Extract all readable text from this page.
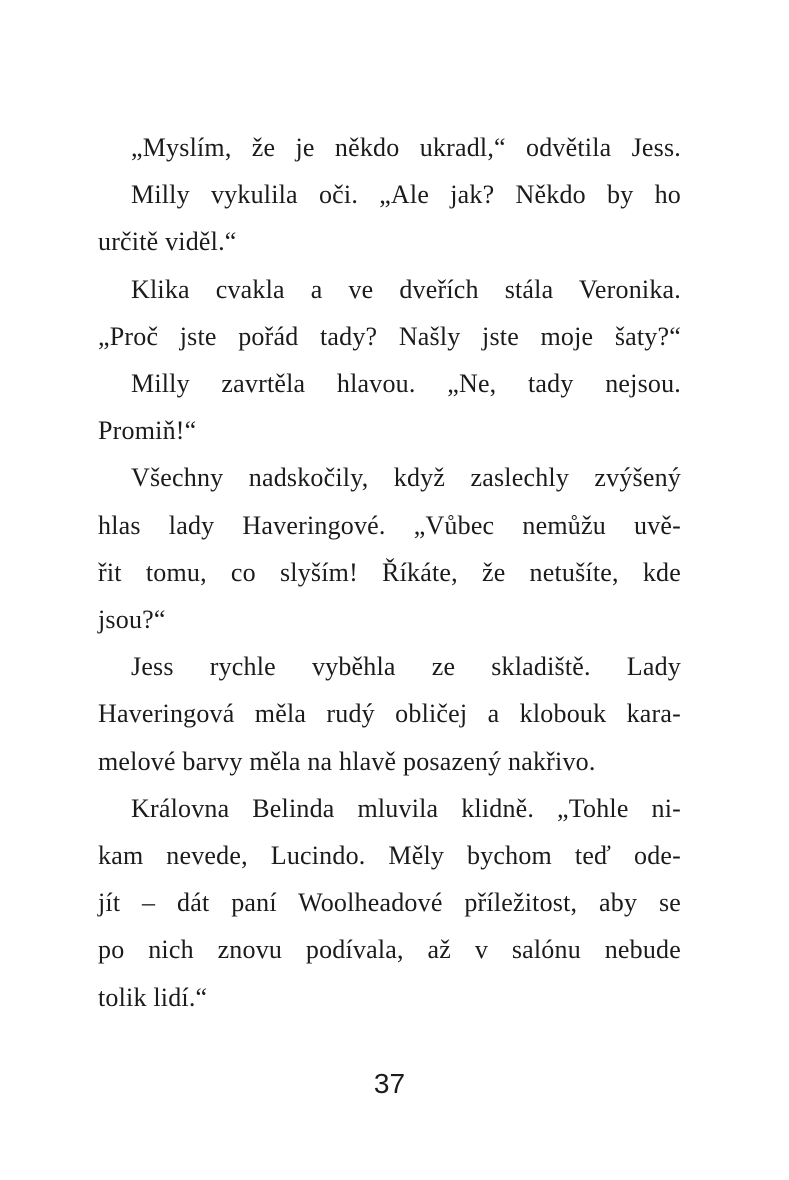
„Myslím, že je někdo ukradl,“ odvětila Jess.
Milly vykulila oči. „Ale jak? Někdo by ho
určitě viděl.“
Klika cvakla a ve dveřích stála Veronika.
„Proč jste pořád tady? Našly jste moje šaty?“
Milly zavrtěla hlavou. „Ne, tady nejsou.
Promiň!“
Všechny nadskočily, když zaslechly zvýšený
hlas lady Haveringové. „Vůbec nemůžu uvě-
řit tomu, co slyším! Říkáte, že netušíte, kde
jsou?“
Jess rychle vyběhla ze skladiště. Lady
Haveringová měla rudý obličej a klobouk kara-
melové barvy měla na hlavě posazený nakřivo.
Královna Belinda mluvila klidně. „Tohle ni-
kam nevede, Lucindo. Měly bychom teď ode-
jít – dát paní Woolheadové příležitost, aby se
po nich znovu podívala, až v salónu nebude
tolik lidí.“
37
